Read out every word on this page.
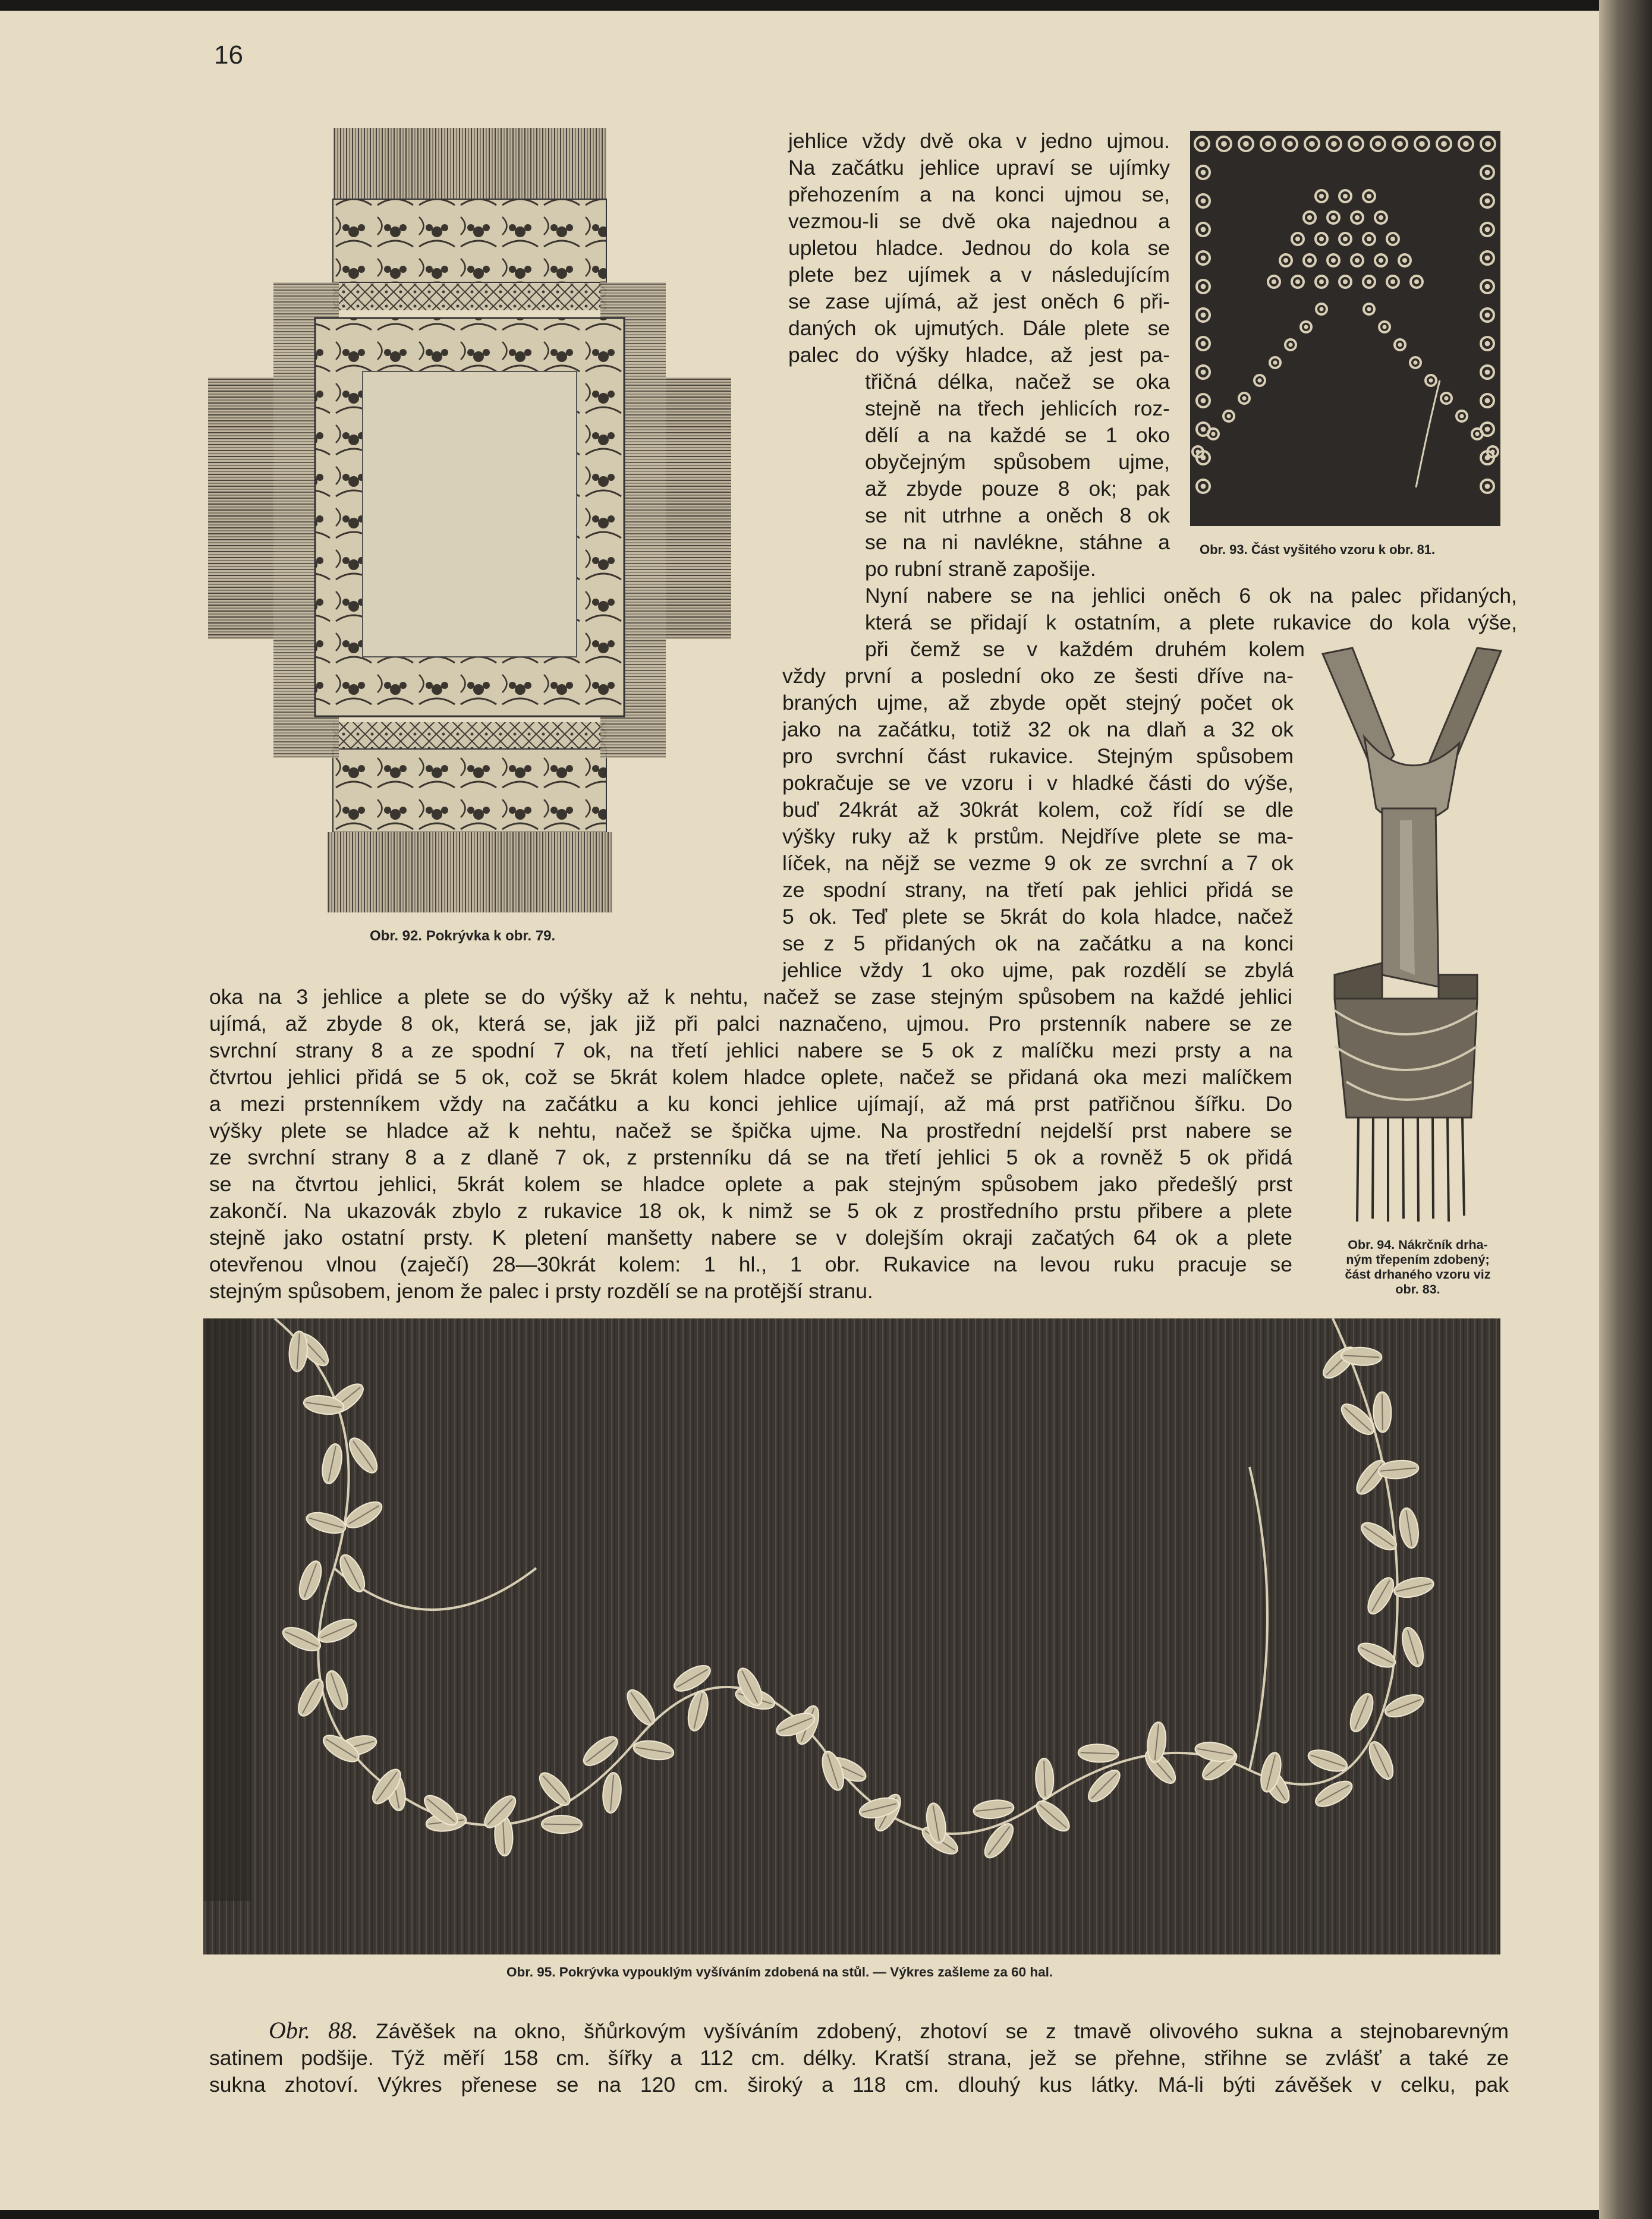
16
Obr. 92. Pokrývka k obr. 79.
Obr. 93. Část vyšitého vzoru k obr. 81.
Obr. 94. Nákrčník drha-
ným třepením zdobený;
část drhaného vzoru viz
obr. 83.
Obr. 95. Pokrývka vypouklým vyšíváním zdobená na stůl. — Výkres zašleme za 60 hal.

jehlice vždy dvě oka v jedno ujmou.

Na začátku jehlice upraví se ujímky

přehozením a na konci ujmou se,

vezmou-li se dvě oka najednou a

upletou hladce. Jednou do kola se

plete bez ujímek a v následujícím

se zase ujímá, až jest oněch 6 při-

daných ok ujmutých. Dále plete se

palec do výšky hladce, až jest pa-

třičná délka, načež se oka

stejně na třech jehlicích roz-

dělí a na každé se 1 oko

obyčejným spůsobem ujme,

až zbyde pouze 8 ok; pak

se nit utrhne a oněch 8 ok

se na ni navlékne, stáhne a

po rubní straně zapošije.

Nyní nabere se na jehlici oněch 6 ok na palec přidaných,

která se přidají k ostatním, a plete rukavice do kola výše,

při čemž se v každém druhém kolem

vždy první a poslední oko ze šesti dříve na-

braných ujme, až zbyde opět stejný počet ok

jako na začátku, totiž 32 ok na dlaň a 32 ok

pro svrchní část rukavice. Stejným spůsobem

pokračuje se ve vzoru i v hladké části do výše,

buď 24krát až 30krát kolem, což řídí se dle

výšky ruky až k prstům. Nejdříve plete se ma-

líček, na nějž se vezme 9 ok ze svrchní a 7 ok

ze spodní strany, na třetí pak jehlici přidá se

5 ok. Teď plete se 5krát do kola hladce, načež

se z 5 přidaných ok na začátku a na konci

jehlice vždy 1 oko ujme, pak rozdělí se zbylá

oka na 3 jehlice a plete se do výšky až k nehtu, načež se zase stejným spůsobem na každé jehlici

ujímá, až zbyde 8 ok, která se, jak již při palci naznačeno, ujmou. Pro prstenník nabere se ze

svrchní strany 8 a ze spodní 7 ok, na třetí jehlici nabere se 5 ok z malíčku mezi prsty a na

čtvrtou jehlici přidá se 5 ok, což se 5krát kolem hladce oplete, načež se přidaná oka mezi malíčkem

a mezi prstenníkem vždy na začátku a ku konci jehlice ujímají, až má prst patřičnou šířku. Do

výšky plete se hladce až k nehtu, načež se špička ujme. Na prostřední nejdelší prst nabere se

ze svrchní strany 8 a z dlaně 7 ok, z prstenníku dá se na třetí jehlici 5 ok a rovněž 5 ok přidá

se na čtvrtou jehlici, 5krát kolem se hladce oplete a pak stejným spůsobem jako předešlý prst

zakončí. Na ukazovák zbylo z rukavice 18 ok, k nimž se 5 ok z prostředního prstu přibere a plete

stejně jako ostatní prsty. K pletení manšetty nabere se v dolejším okraji začatých 64 ok a plete

otevřenou vlnou (zaječí) 28—30krát kolem: 1 hl., 1 obr. Rukavice na levou ruku pracuje se

stejným spůsobem, jenom že palec i prsty rozdělí se na protější stranu.

Obr. 88. Závěšek na okno, šňůrkovým vyšíváním zdobený, zhotoví se z tmavě olivového sukna a stejnobarevným

satinem podšije. Týž měří 158 cm. šířky a 112 cm. délky. Kratší strana, jež se přehne, střihne se zvlášť a také ze

sukna zhotoví. Výkres přenese se na 120 cm. široký a 118 cm. dlouhý kus látky. Má-li býti závěšek v celku, pak
